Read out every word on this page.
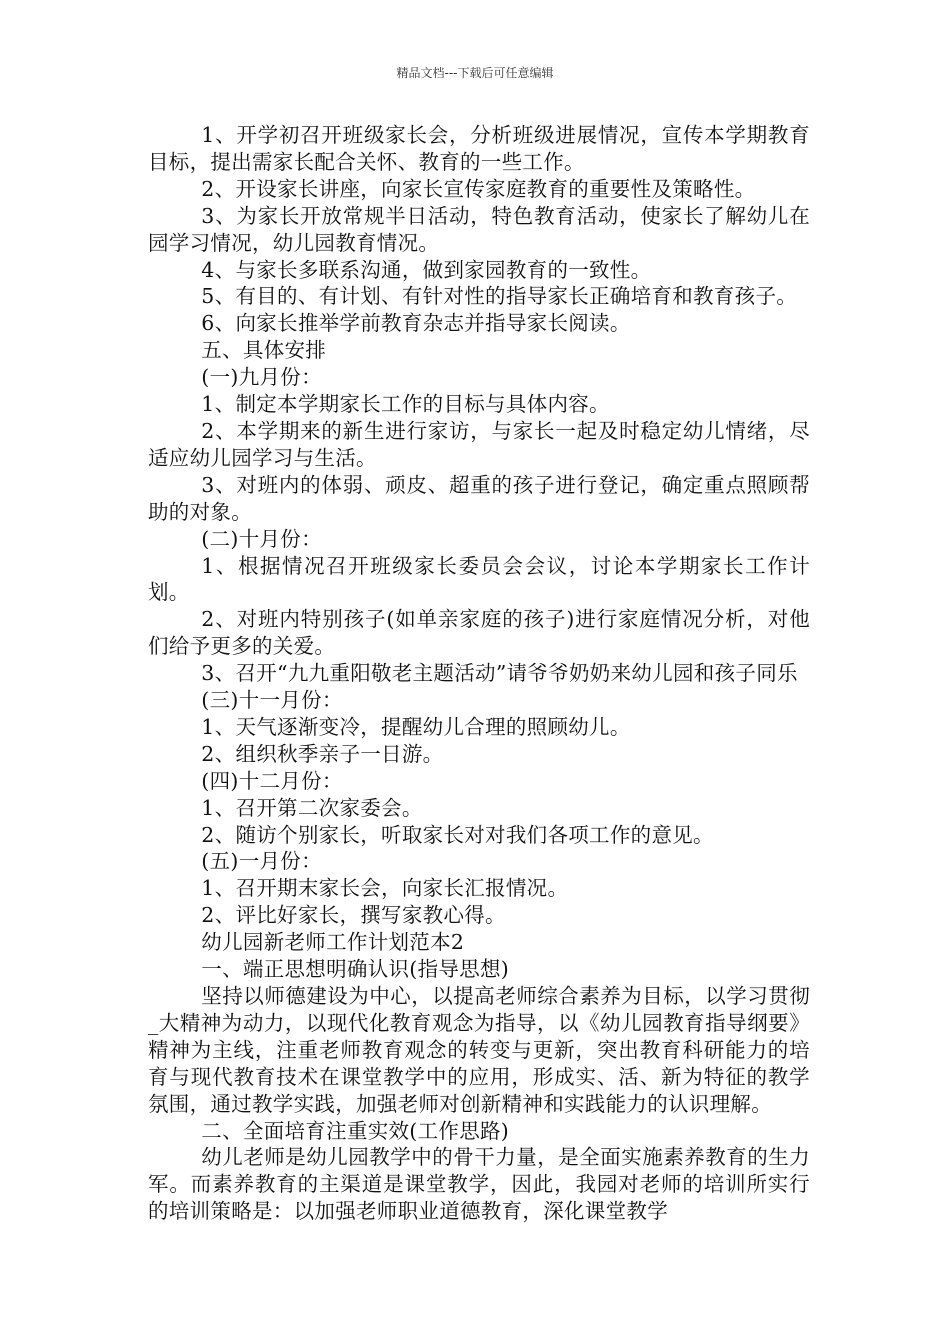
精品文档---下载后可任意编辑

1、开学初召开班级家长会，分析班级进展情况，宣传本学期教育目标，提出需家长配合关怀、教育的一些工作。

2、开设家长讲座，向家长宣传家庭教育的重要性及策略性。

3、为家长开放常规半日活动，特色教育活动，使家长了解幼儿在园学习情况，幼儿园教育情况。

4、与家长多联系沟通，做到家园教育的一致性。

5、有目的、有计划、有针对性的指导家长正确培育和教育孩子。

6、向家长推举学前教育杂志并指导家长阅读。

五、具体安排

(一)九月份：

1、制定本学期家长工作的目标与具体内容。

2、本学期来的新生进行家访，与家长一起及时稳定幼儿情绪，尽适应幼儿园学习与生活。

3、对班内的体弱、顽皮、超重的孩子进行登记，确定重点照顾帮助的对象。

(二)十月份：

1、根据情况召开班级家长委员会会议，讨论本学期家长工作计划。

2、对班内特别孩子(如单亲家庭的孩子)进行家庭情况分析，对他们给予更多的关爱。

3、召开“九九重阳敬老主题活动”请爷爷奶奶来幼儿园和孩子同乐

(三)十一月份：

1、天气逐渐变冷，提醒幼儿合理的照顾幼儿。

2、组织秋季亲子一日游。

(四)十二月份：

1、召开第二次家委会。

2、随访个别家长，听取家长对对我们各项工作的意见。

(五)一月份：

1、召开期末家长会，向家长汇报情况。

2、评比好家长，撰写家教心得。

幼儿园新老师工作计划范本2

一、端正思想明确认识(指导思想)

坚持以师德建设为中心，以提高老师综合素养为目标，以学习贯彻_大精神为动力，以现代化教育观念为指导，以《幼儿园教育指导纲要》精神为主线，注重老师教育观念的转变与更新，突出教育科研能力的培育与现代教育技术在课堂教学中的应用，形成实、活、新为特征的教学氛围，通过教学实践，加强老师对创新精神和实践能力的认识理解。

二、全面培育注重实效(工作思路)

幼儿老师是幼儿园教学中的骨干力量，是全面实施素养教育的生力军。而素养教育的主渠道是课堂教学，因此，我园对老师的培训所实行的培训策略是：以加强老师职业道德教育，深化课堂教学
